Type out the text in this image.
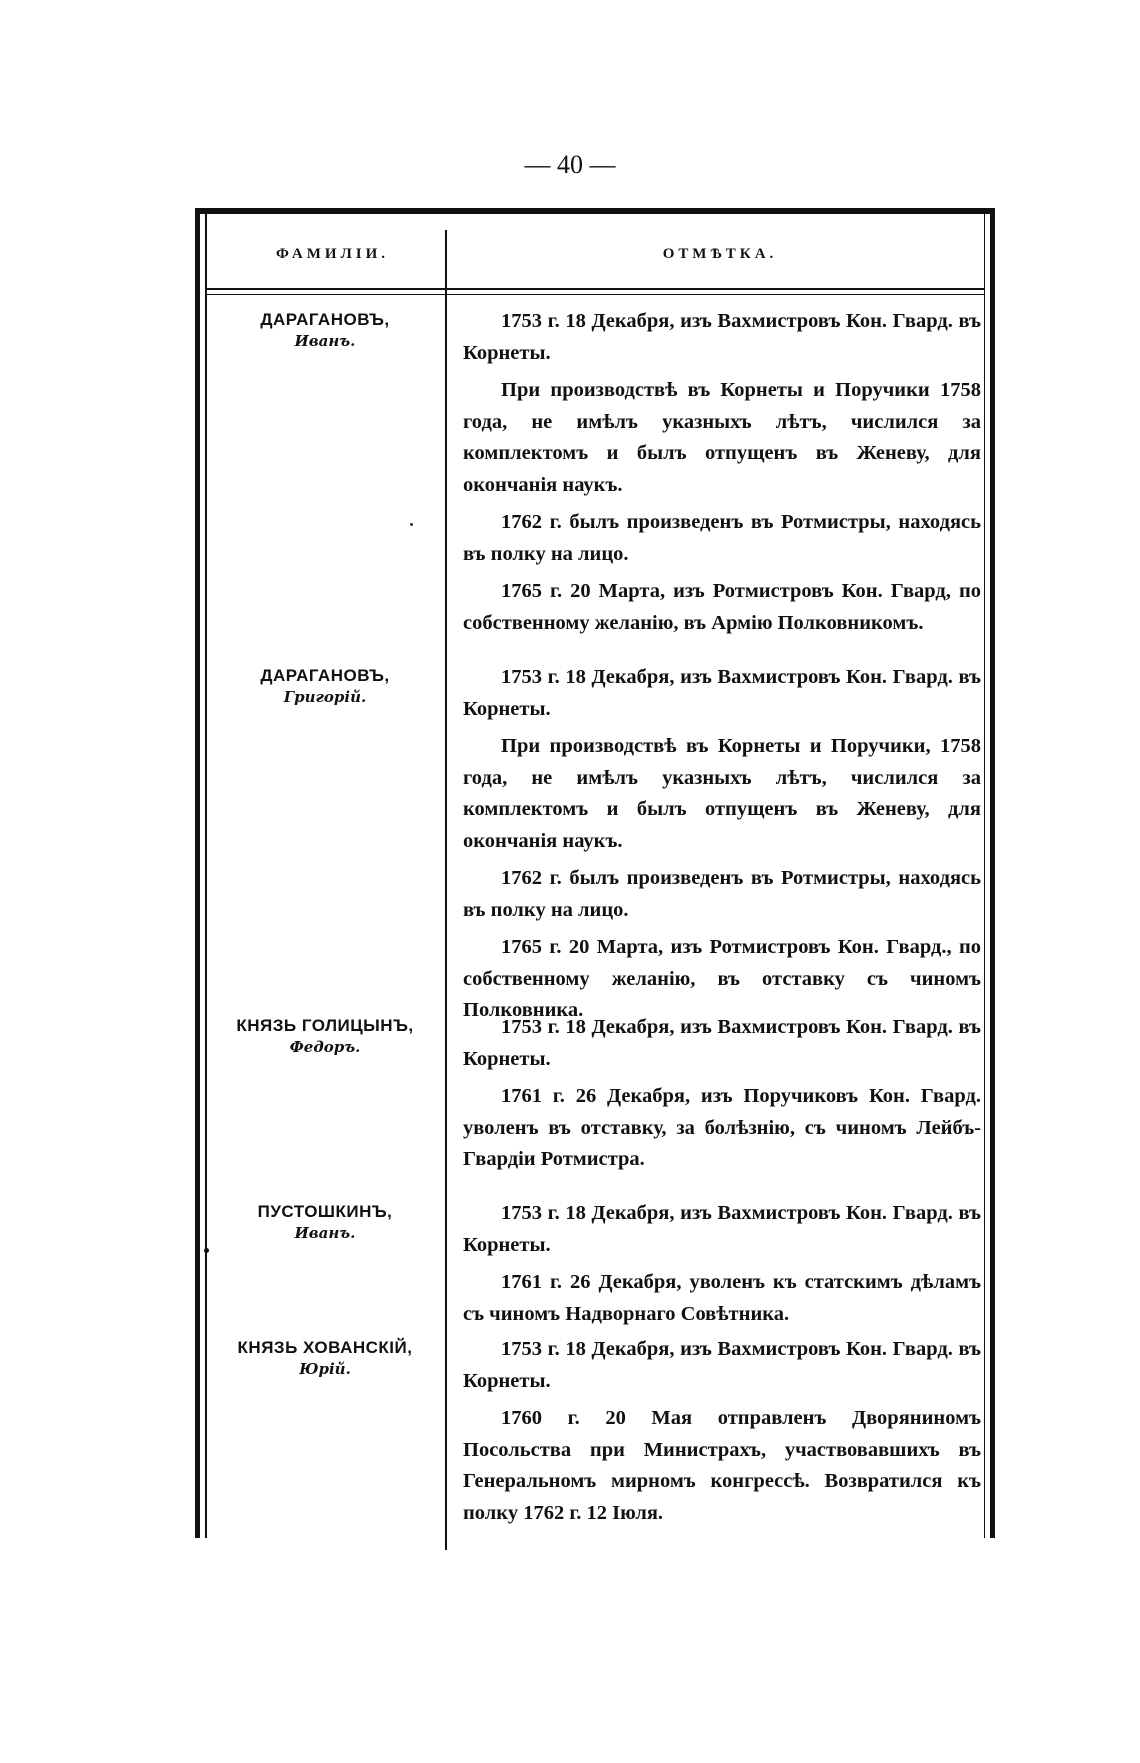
— 40 —
ФАМИЛІИ.	ОТМѢТКА.
ДАРАГАНОВЪ,
Иванъ.
ДАРАГАНОВЪ,
Григорій.
КНЯЗЬ ГОЛИЦЫНЪ,
Федоръ.
ПУСТОШКИНЪ,
Иванъ.
КНЯЗЬ ХОВАНСКІЙ,
Юрій.

1753 г. 18 Декабря, изъ Вахмистровъ Кон. Гвард. въ Корнеты.

При производствѣ въ Корнеты и Поручики 1758 года, не имѣлъ указныхъ лѣтъ, числился за комплектомъ и былъ отпущенъ въ Женеву, для окончанія наукъ.

1762 г. былъ произведенъ въ Ротмистры, находясь въ полку на лицо.

1765 г. 20 Марта, изъ Ротмистровъ Кон. Гвард, по собственному желанію, въ Армію Полковникомъ.

1753 г. 18 Декабря, изъ Вахмистровъ Кон. Гвард. въ Корнеты.

При производствѣ въ Корнеты и Поручики, 1758 года, не имѣлъ указныхъ лѣтъ, числился за комплектомъ и былъ отпущенъ въ Женеву, для окончанія наукъ.

1762 г. былъ произведенъ въ Ротмистры, находясь въ полку на лицо.

1765 г. 20 Марта, изъ Ротмистровъ Кон. Гвард., по собственному желанію, въ отставку съ чиномъ Полковника.

1753 г. 18 Декабря, изъ Вахмистровъ Кон. Гвард. въ Корнеты.

1761 г. 26 Декабря, изъ Поручиковъ Кон. Гвард. уволенъ въ отставку, за болѣзнію, съ чиномъ Лейбъ-Гвардіи Ротмистра.

1753 г. 18 Декабря, изъ Вахмистровъ Кон. Гвард. въ Корнеты.

1761 г. 26 Декабря, уволенъ къ статскимъ дѣламъ съ чиномъ Надворнаго Совѣтника.

1753 г. 18 Декабря, изъ Вахмистровъ Кон. Гвард. въ Корнеты.

1760 г. 20 Мая отправленъ Дворяниномъ Посольства при Министрахъ, участвовавшихъ въ Генеральномъ мирномъ конгрессѣ. Возвратился къ полку 1762 г. 12 Іюля.
